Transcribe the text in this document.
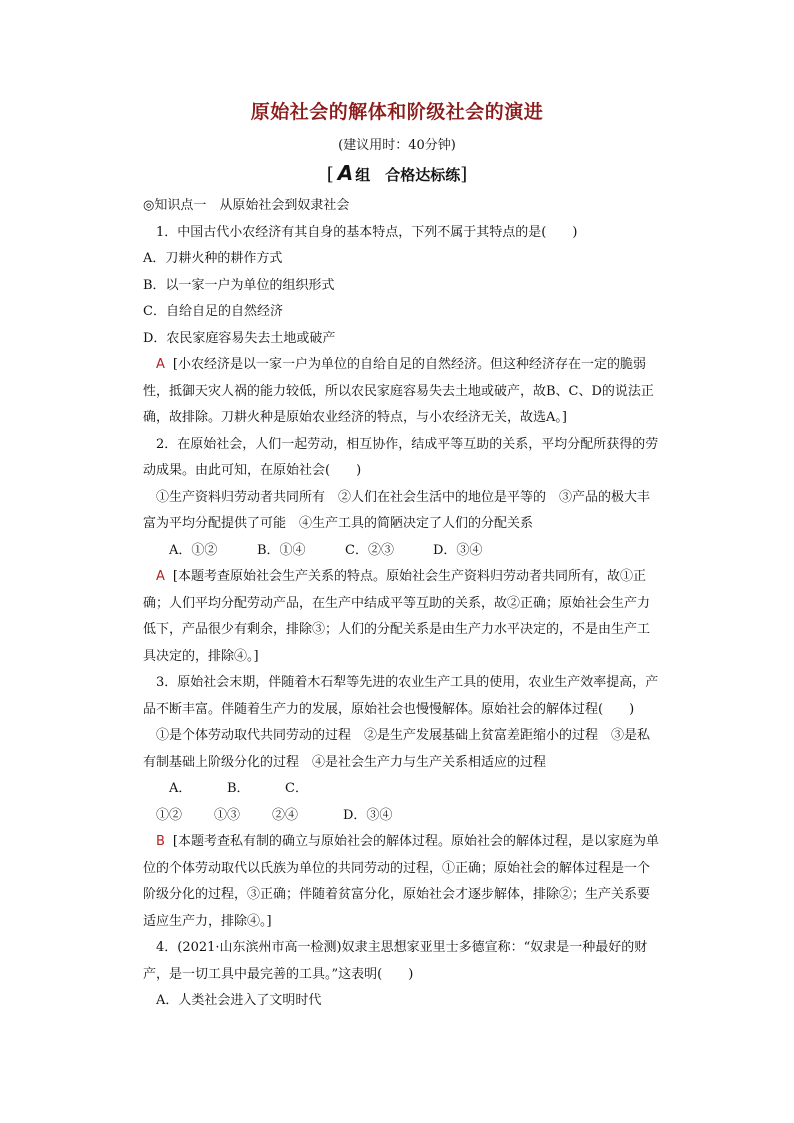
原始社会的解体和阶级社会的演进
(建议用时：40分钟)
[ A 组　合格达标练]

◎知识点一　从原始社会到奴隶社会

1．中国古代小农经济有其自身的基本特点，下列不属于其特点的是(　　)

A．刀耕火种的耕作方式

B．以一家一户为单位的组织形式

C．自给自足的自然经济

D．农民家庭容易失去土地或破产

A [小农经济是以一家一户为单位的自给自足的自然经济。但这种经济存在一定的脆弱性，抵御天灾人祸的能力较低，所以农民家庭容易失去土地或破产，故B、C、D的说法正确，故排除。刀耕火种是原始农业经济的特点，与小农经济无关，故选A。]

2．在原始社会，人们一起劳动，相互协作，结成平等互助的关系，平均分配所获得的劳动成果。由此可知，在原始社会(　　)

①生产资料归劳动者共同所有　②人们在社会生活中的地位是平等的　③产品的极大丰富为平均分配提供了可能　④生产工具的简陋决定了人们的分配关系

A．①②	B．①④	C．②③	D．③④

A [本题考查原始社会生产关系的特点。原始社会生产资料归劳动者共同所有，故①正确；人们平均分配劳动产品，在生产中结成平等互助的关系，故②正确；原始社会生产力低下，产品很少有剩余，排除③；人们的分配关系是由生产力水平决定的，不是由生产工具决定的，排除④。]

3．原始社会末期，伴随着木石犁等先进的农业生产工具的使用，农业生产效率提高，产品不断丰富。伴随着生产力的发展，原始社会也慢慢解体。原始社会的解体过程(　　)

①是个体劳动取代共同劳动的过程　②是生产发展基础上贫富差距缩小的过程　③是私有制基础上阶级分化的过程　④是社会生产力与生产关系相适应的过程

A．①②B．①③C．②④	D．③④

B [本题考查私有制的确立与原始社会的解体过程。原始社会的解体过程，是以家庭为单位的个体劳动取代以氏族为单位的共同劳动的过程，①正确；原始社会的解体过程是一个阶级分化的过程，③正确；伴随着贫富分化，原始社会才逐步解体，排除②；生产关系要适应生产力，排除④。]

4．(2021·山东滨州市高一检测)奴隶主思想家亚里士多德宣称：“奴隶是一种最好的财产，是一切工具中最完善的工具。”这表明(　　)

A．人类社会进入了文明时代
